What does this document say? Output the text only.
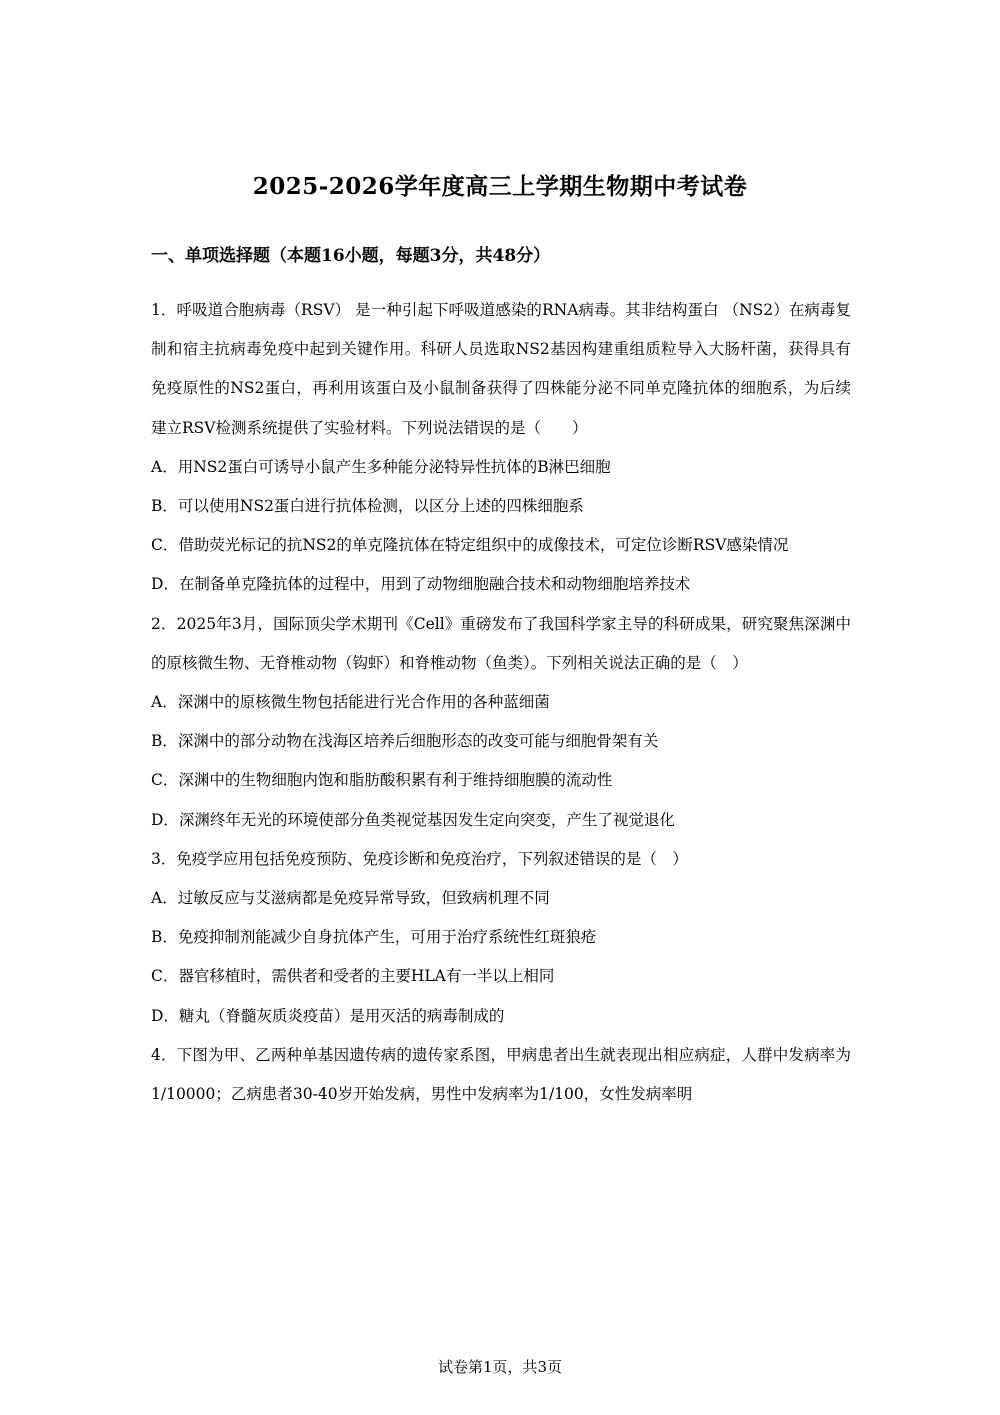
2025-2026学年度高三上学期生物期中考试卷
一、单项选择题（本题16小题，每题3分，共48分）

1．呼吸道合胞病毒（RSV） 是一种引起下呼吸道感染的RNA病毒。其非结构蛋白 （NS2）在病毒复制和宿主抗病毒免疫中起到关键作用。科研人员选取NS2基因构建重组质粒导入大肠杆菌，获得具有免疫原性的NS2蛋白，再利用该蛋白及小鼠制备获得了四株能分泌不同单克隆抗体的细胞系，为后续建立RSV检测系统提供了实验材料。下列说法错误的是（　　）

A．用NS2蛋白可诱导小鼠产生多种能分泌特异性抗体的B淋巴细胞

B．可以使用NS2蛋白进行抗体检测，以区分上述的四株细胞系

C．借助荧光标记的抗NS2的单克隆抗体在特定组织中的成像技术，可定位诊断RSV感染情况

D．在制备单克隆抗体的过程中，用到了动物细胞融合技术和动物细胞培养技术

2．2025年3月，国际顶尖学术期刊《Cell》重磅发布了我国科学家主导的科研成果，研究聚焦深渊中的原核微生物、无脊椎动物（钩虾）和脊椎动物（鱼类）。下列相关说法正确的是（　）

A．深渊中的原核微生物包括能进行光合作用的各种蓝细菌

B．深渊中的部分动物在浅海区培养后细胞形态的改变可能与细胞骨架有关

C．深渊中的生物细胞内饱和脂肪酸积累有利于维持细胞膜的流动性

D．深渊终年无光的环境使部分鱼类视觉基因发生定向突变，产生了视觉退化

3．免疫学应用包括免疫预防、免疫诊断和免疫治疗，下列叙述错误的是（　）

A．过敏反应与艾滋病都是免疫异常导致，但致病机理不同

B．免疫抑制剂能减少自身抗体产生，可用于治疗系统性红斑狼疮

C．器官移植时，需供者和受者的主要HLA有一半以上相同

D．糖丸（脊髓灰质炎疫苗）是用灭活的病毒制成的

4．下图为甲、乙两种单基因遗传病的遗传家系图，甲病患者出生就表现出相应病症，人群中发病率为1/10000；乙病患者30-40岁开始发病，男性中发病率为1/100，女性发病率明

试卷第1页，共3页
